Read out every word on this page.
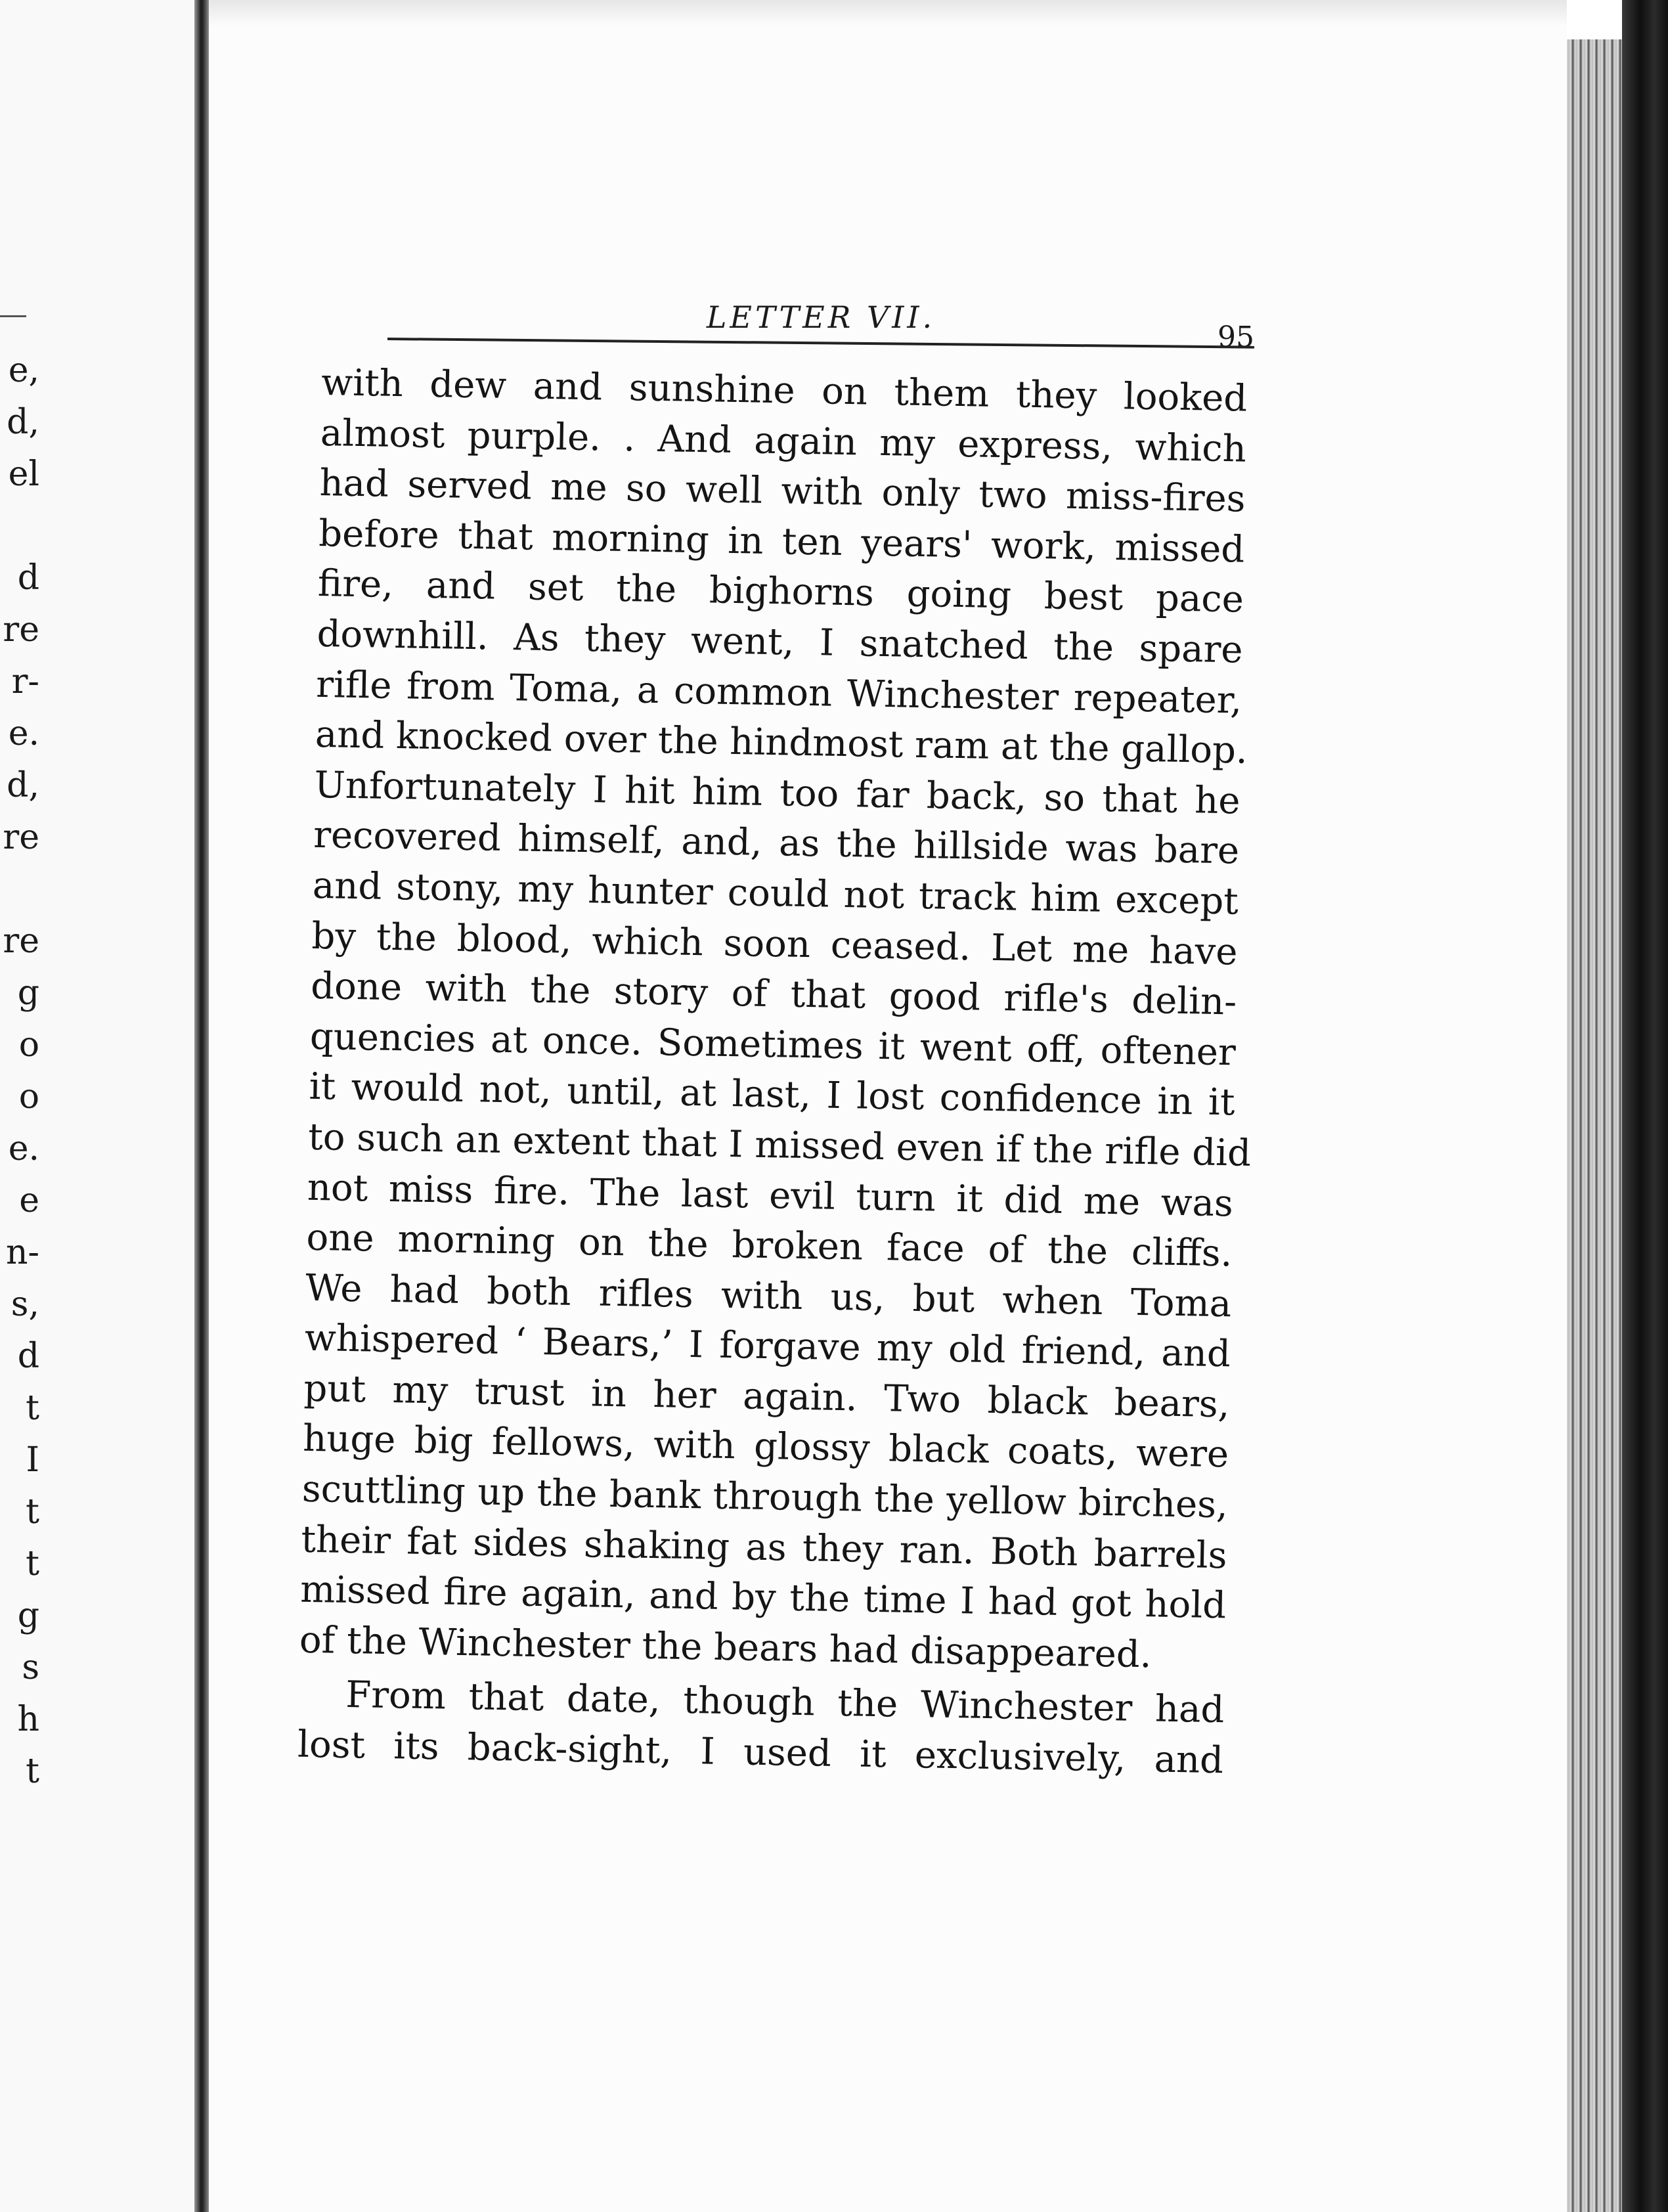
e,
d,
el
d
re
r-
e.
d,
re
re
g
o
o
e.
e
n-
s,
d
t
I
t
t
g
s
h
t
LETTER VII.
95
with dew and sunshine on them they looked
almost purple. . And again my express, which
had served me so well with only two miss-fires
before that morning in ten years' work, missed
fire, and set the bighorns going best pace
downhill. As they went, I snatched the spare
rifle from Toma, a common Winchester repeater,
and knocked over the hindmost ram at the gallop.
Unfortunately I hit him too far back, so that he
recovered himself, and, as the hillside was bare
and stony, my hunter could not track him except
by the blood, which soon ceased. Let me have
done with the story of that good rifle's delin-
quencies at once. Sometimes it went off, oftener
it would not, until, at last, I lost confidence in it
to such an extent that I missed even if the rifle did
not miss fire. The last evil turn it did me was
one morning on the broken face of the cliffs.
We had both rifles with us, but when Toma
whispered ‘ Bears,’ I forgave my old friend, and
put my trust in her again. Two black bears,
huge big fellows, with glossy black coats, were
scuttling up the bank through the yellow birches,
their fat sides shaking as they ran. Both barrels
missed fire again, and by the time I had got hold
of the Winchester the bears had disappeared.
From that date, though the Winchester had
lost its back-sight, I used it exclusively, and
